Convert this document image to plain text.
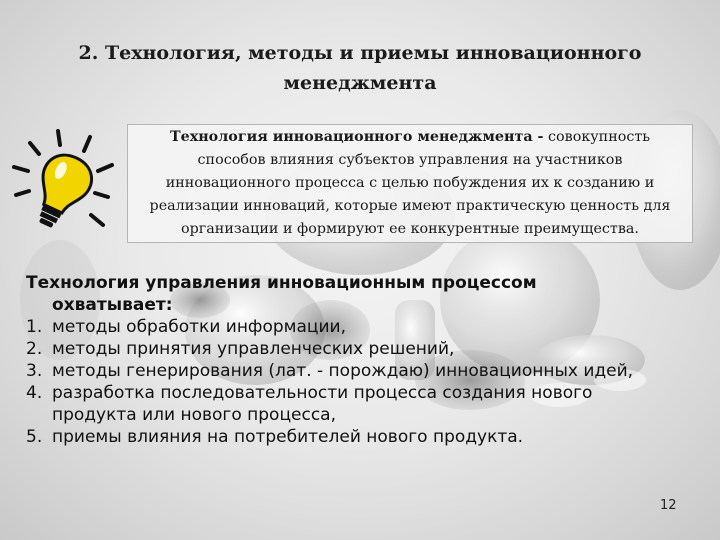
2. Технология, методы и приемы инновационного менеджмента
Технология инновационного менеджмента - совокупность способов влияния субъектов управления на участников инновационного процесса с целью побуждения их к созданию и реализации инноваций, которые имеют практическую ценность для организации и формируют ее конкурентные преимущества.
Технология управления инновационным процессом
охватывает:
1. методы обработки информации,
2. методы принятия управленческих решений,
3. методы генерирования (лат. - порождаю) инновационных идей,
4. разработка последовательности процесса создания нового продукта или нового процесса,
5. приемы влияния на потребителей нового продукта.
12
